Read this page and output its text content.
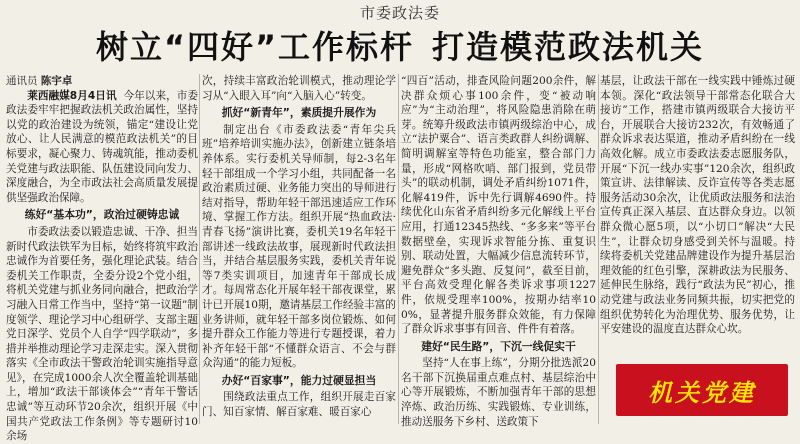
市委政法委
树立“四好”工作标杆 打造模范政法机关

通讯员 陈宇卓

莱西融媒8月4日讯 今年以来，市委政法委牢牢把握政法机关政治属性，坚持以党的政治建设为统领，锚定“建设让党放心、让人民满意的模范政法机关”的目标要求，凝心聚力、铸魂筑能，推动委机关党建与政法职能、队伍建设同向发力、深度融合，为全市政法社会高质量发展提供坚强政治保障。

练好“基本功”，政治过硬铸忠诚

市委政法委以锻造忠诚、干净、担当新时代政法铁军为目标，始终将筑牢政治忠诚作为首要任务，强化理论武装。结合委机关工作职责，全委分设2个党小组，将机关党建与抓业务同向融合，把政治学习融入日常工作当中，坚持“第一议题”制度领学、理论学习中心组研学、支部主题党日深学、党员个人自学“四学联动”，多措并举推动理论学习走深走实。深入贯彻落实《全市政法干警政治轮训实施指导意见》，在完成1000余人次全覆盖轮训基础上，增加“政法干部谈体会”“青年干警话忠诚”等互动环节20余次，组织开展《中国共产党政法工作条例》等专题研讨10余场

次，持续丰富政治轮训模式，推动理论学习从“入眼入耳”向“入脑入心”转变。

抓好“新青年”，素质提升展作为

制定出台《市委政法委“青年尖兵班”培养培训实施办法》，创新建立链条培养体系。实行委机关导师制，每2-3名年轻干部组成一个学习小组，共同配备一名政治素质过硬、业务能力突出的导师进行结对指导，帮助年轻干部迅速适应工作环境、掌握工作方法。组织开展“热血政法·青春飞扬”演讲比赛，委机关19名年轻干部讲述一线政法故事，展现新时代政法担当，并结合基层服务实践，委机关青年说等7类实训项目，加速青年干部成长成才。每周常态化开展年轻干部夜课堂，累计已开展10期，邀请基层工作经验丰富的业务讲师，就年轻干部多岗位锻炼、如何提升群众工作能力等进行专题授课，着力补齐年轻干部“不懂群众语言、不会与群众沟通”的能力短板。

办好“百家事”，能力过硬显担当

围绕政法重点工作，组织开展走百家门、知百家情、解百家难、暖百家心

“四百”活动，排查风险问题200余件，解决群众烦心事100余件，变“被动响应”为“主动治理”，将风险隐患消除在萌芽。统筹升级政法市镇两级综治中心，成立“法护粟合”、语言类政群人纠纷调解、简明调解室等特色功能室，整合部门力量，形成“网格吹哨、部门报到，党员带头”的联动机制，调处矛盾纠纷1071件，化解419件，诉中先行调解4690件。持续优化山东省矛盾纠纷多元化解线上平台应用，打通12345热线、“多多来”等平台数据壁垒，实现诉求智能分拣、重复识别、联动处置，大幅减少信息流转环节，避免群众“多头跑、反复问”，截至目前，平台高效受理化解各类诉求事项1227件，依规受理率100%，按期办结率100%，显著提升服务群众效能，有力保障了群众诉求事事有回音、件件有着落。

建好“民生路”，下沉一线促实干

坚持“人在事上练”，分期分批选派20名干部下沉换届重点难点村、基层综治中心等开展锻炼，不断加强青年干部的思想淬炼、政治历练、实践锻炼、专业训练，推动送服务下乡村、送政策下

基层，让政法干部在一线实践中锤炼过硬本领。深化“政法领导干部常态化联合大接访”工作，搭建市镇两级联合大接访平台，开展联合大接访232次，有效畅通了群众诉求表达渠道，推动矛盾纠纷在一线高效化解。成立市委政法委志愿服务队，开展“下沉一线办实事”120余次，组织政策宣讲、法律解读、反诈宣传等各类志愿服务活动30余次，让优质政法服务和法治宣传真正深入基层、直达群众身边。以领群众微心愿5项，以“小切口”解决“大民生”，让群众切身感受到关怀与温暖。持续将委机关党建品牌建设作为提升基层治理效能的红色引擎，深耕政法为民服务、延伸民生脉络，践行“政法为民”初心，推动党建与政法业务同频共振，切实把党的组织优势转化为治理优势、服务优势，让平安建设的温度直达群众心坎。

机关党建
